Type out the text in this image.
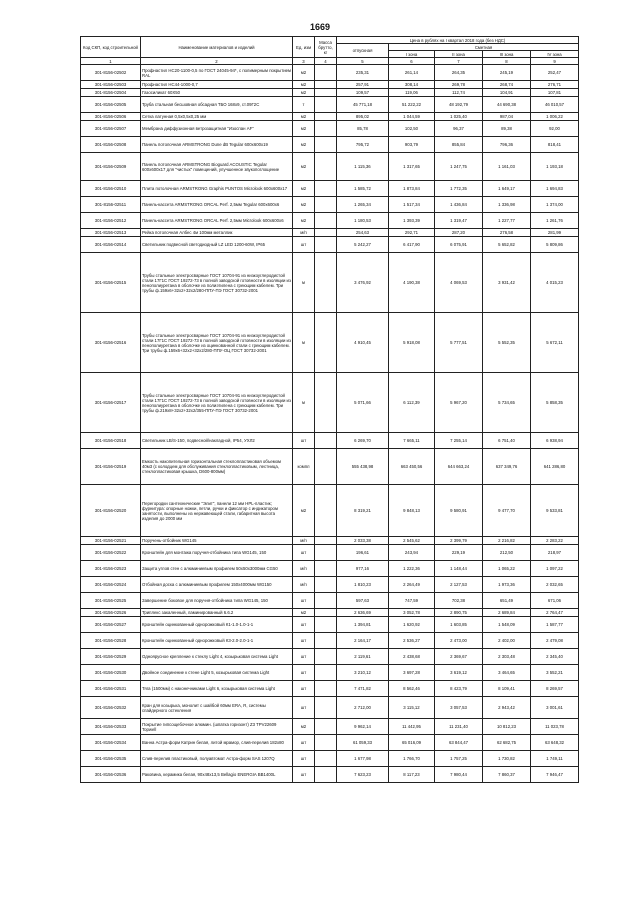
1669
Код СКП, код строительной	Наименование материалов и изделий	Ед. изм	Масса брутто, кг	Цена в рублях на I квартал 2018 года (без НДС)				
				отпускная	Сметная			
					I зона	II зона	III зона	IV зона
1	2	3	4	5	6	7	8	9
301-8156-02502	Профнастил НС20-1100-0,5 по ГОСТ 24045-94*, с полимерным покрытием RAL	м2		235,31	261,14	264,35	245,19	252,47
301-8156-02503	Профнастил НС44-1000-0,7	м2		257,91	308,14	269,78	268,74	276,71
301-8156-02504	Газосиликат 60Х50	м2		109,57	119,06	112,74	104,91	107,81
301-8156-02505	Труба стальная бесшовная обсадная ТБО 168х9, ст.09Г2С	т		45 771,18	51 222,22	48 192,79	44 690,38	46 010,57
301-8156-02506	Сетка латунная 0,5х0,5х0,25 мм	м2		895,02	1 044,59	1 025,40	987,04	1 006,22
301-8156-02507	Мембрана диффузионная ветрозащитная "Изоспан AF"	м2		85,78	102,50	96,37	89,38	92,00
301-8156-02508	Панель потолочная ARMSTRONG Dune dB Tegular 600х600х19	м2		795,72	903,79	855,84	796,36	818,41
301-8156-02509	Панель потолочная ARMSTRONG Bioguard ACOUSTIC Tegular 600х600х17 для "чистых" помещений, улучшенное звукопоглощение	м2		1 115,36	1 317,65	1 247,75	1 161,03	1 193,18
301-8156-02510	Плита потолочная ARMSTRONG Graphis PUNTOS Microlook 600х600х17	м2		1 585,72	1 873,84	1 772,35	1 649,17	1 694,83
301-8156-02511	Панель-кассета ARMSTRONG ORCAL Perf. 2,5мм Tegular 600х600х6	м2		1 265,34	1 517,34	1 436,84	1 336,98	1 374,00
301-8156-02512	Панель-кассета ARMSTRONG ORCAL Perf. 2,5мм Microlook 600х600х6	м2		1 180,53	1 393,39	1 319,47	1 227,77	1 261,76
301-8156-02513	Рейка потолочная Албес 4м 100мм металлик	м/п		254,63	292,71	287,20	276,58	281,99
301-8156-02514	Светильник подвесной светодиодный LZ LED 1200-60W, IP65	шт		5 242,27	6 417,90	6 075,91	5 652,82	5 809,86
301-8156-02515	Трубы стальные электросварные ГОСТ 10704-91 из низкоуглеродистой стали 17Г1С ГОСТ 19272-73 в полной заводской готовности в изоляции из пенополиуретана в оболочке из полиэтилена с греющим кабелем. Три трубы ф.159х6+32х2+32х2/280-ППУ-ПЭ ГОСТ 30732-2001	м		3 476,92	4 190,38	4 069,53	3 931,42	4 015,23
301-8156-02516	Трубы стальные электросварные ГОСТ 10704-91 из низкоуглеродистой стали 17Г1С ГОСТ 19272-73 в полной заводской готовности в изоляции из пенополиуретана в оболочке из оцинкованной стали с греющим кабелем. Три трубы ф.159х6+32х2+32х2/280-ППУ-ОЦ ГОСТ 30732-2001	м		4 910,45	5 918,08	5 777,51	5 552,35	5 672,11
301-8156-02517	Трубы стальные электросварные ГОСТ 10704-91 из низкоуглеродистой стали 17Г1С ГОСТ 19272-73 в полной заводской готовности в изоляции из пенополиуретана в оболочке из полиэтилена с греющим кабелем. Три трубы ф.219х8+32х2+32х2/355-ППУ-ПЭ ГОСТ 30732-2001	м		5 071,66	6 112,39	5 967,20	5 734,65	5 858,35
301-8156-02518	Светильник LB/S-150, подвесной/накладной, IP54, УХЛ2	шт		6 269,70	7 665,11	7 255,14	6 751,40	6 938,94
301-8156-02519	Емкость накопительная горизонтальная стеклопластиковая объемом 40м3 (с колодцем для обслуживания стеклопластиковым, лестница, стеклопластиковая крышка, D600-800мм)	компл		555 438,98	663 450,56	644 663,24	637 349,76	641 286,80
301-8156-02520	Перегородки сантехнические "Элит", панели 12 мм HPL-пластик; фурнитура: опорные ножки, петли, ручки и фиксатор с индикатором занятости, выполнены из нержавеющей стали, габаритная высота изделия до 2000 мм	м2		8 319,21	9 848,13	9 580,91	9 477,70	9 533,81
301-8156-02521	Поручень-отбойник WG145	м/п		2 033,38	2 545,62	2 399,79	2 216,82	2 283,22
301-8156-02522	Кронштейн для монтажа поручня-отбойника типа WG145, 150	шт		196,61	243,94	229,19	212,50	218,97
301-8156-02523	Защита углов стен с алюминиевым профилем 50х50х3000мм CG50	м/п		977,16	1 222,36	1 148,44	1 065,22	1 097,22
301-8156-02524	Отбойная доска с алюминиевым профилем 150х4000мм WG150	м/п		1 810,23	2 264,49	2 127,53	1 973,36	2 032,65
301-8156-02525	Завершение боковое для поручня-отбойника типа WG145, 150	шт		597,63	747,59	702,38	651,49	671,06
301-8156-02526	Триплекс закаленный, ламинированный 6.6.2	м2		2 636,69	3 052,78	2 890,75	2 689,84	2 764,47
301-8156-02527	Кронштейн оцинкованный однорожковый К1-1.0-1.0-1-1	шт		1 394,81	1 620,92	1 603,85	1 548,09	1 587,77
301-8156-02528	Кронштейн оцинкованный однорожковый К3-2.0-2.0-1-1	шт		2 164,17	2 536,27	2 473,00	2 402,00	2 479,08
301-8156-02529	Одноярусное крепление к стеклу Light 4, козырьковая система Light	шт		2 119,61	2 438,68	2 369,67	2 303,48	2 345,40
301-8156-02530	Двойное соединение к стене Light 5, козырьковая система Light	шт		3 210,12	3 697,28	3 619,12	3 464,65	3 552,21
301-8156-02531	Тяга (1500мм) с наконечниками Light 6, козырьковая система Light	шт		7 471,82	8 562,46	8 423,79	8 109,41	8 269,57
301-8156-02532	Кран для козырька, монолит с шайбой 60мм ERA, R, системы спайдерного остекления	шт		2 712,00	3 115,12	3 057,53	2 943,42	3 001,61
301-8156-02533	Покрытие гипсощебочное алюмин. (шпатка горизонт) Z3 TPV22609 Topwell	м2		9 962,14	11 442,95	11 231,40	10 812,23	11 023,78
301-8156-02534	Ванна Астра-форм Катрин белая, литой мрамор, слив-перелив 182х80	шт		61 059,33	65 016,09	63 844,47	62 682,75	63 648,32
301-8156-02535	Слив-перелив пластиковый, полуавтомат Астра-форм SAS 1207Q	шт		1 677,98	1 766,70	1 757,25	1 730,82	1 749,11
301-8156-02536	Раковина, керамика белая, 90х48х13,5 Bellagio ENERGIA BB1400L	шт		7 623,23	8 117,23	7 980,44	7 860,37	7 946,47
